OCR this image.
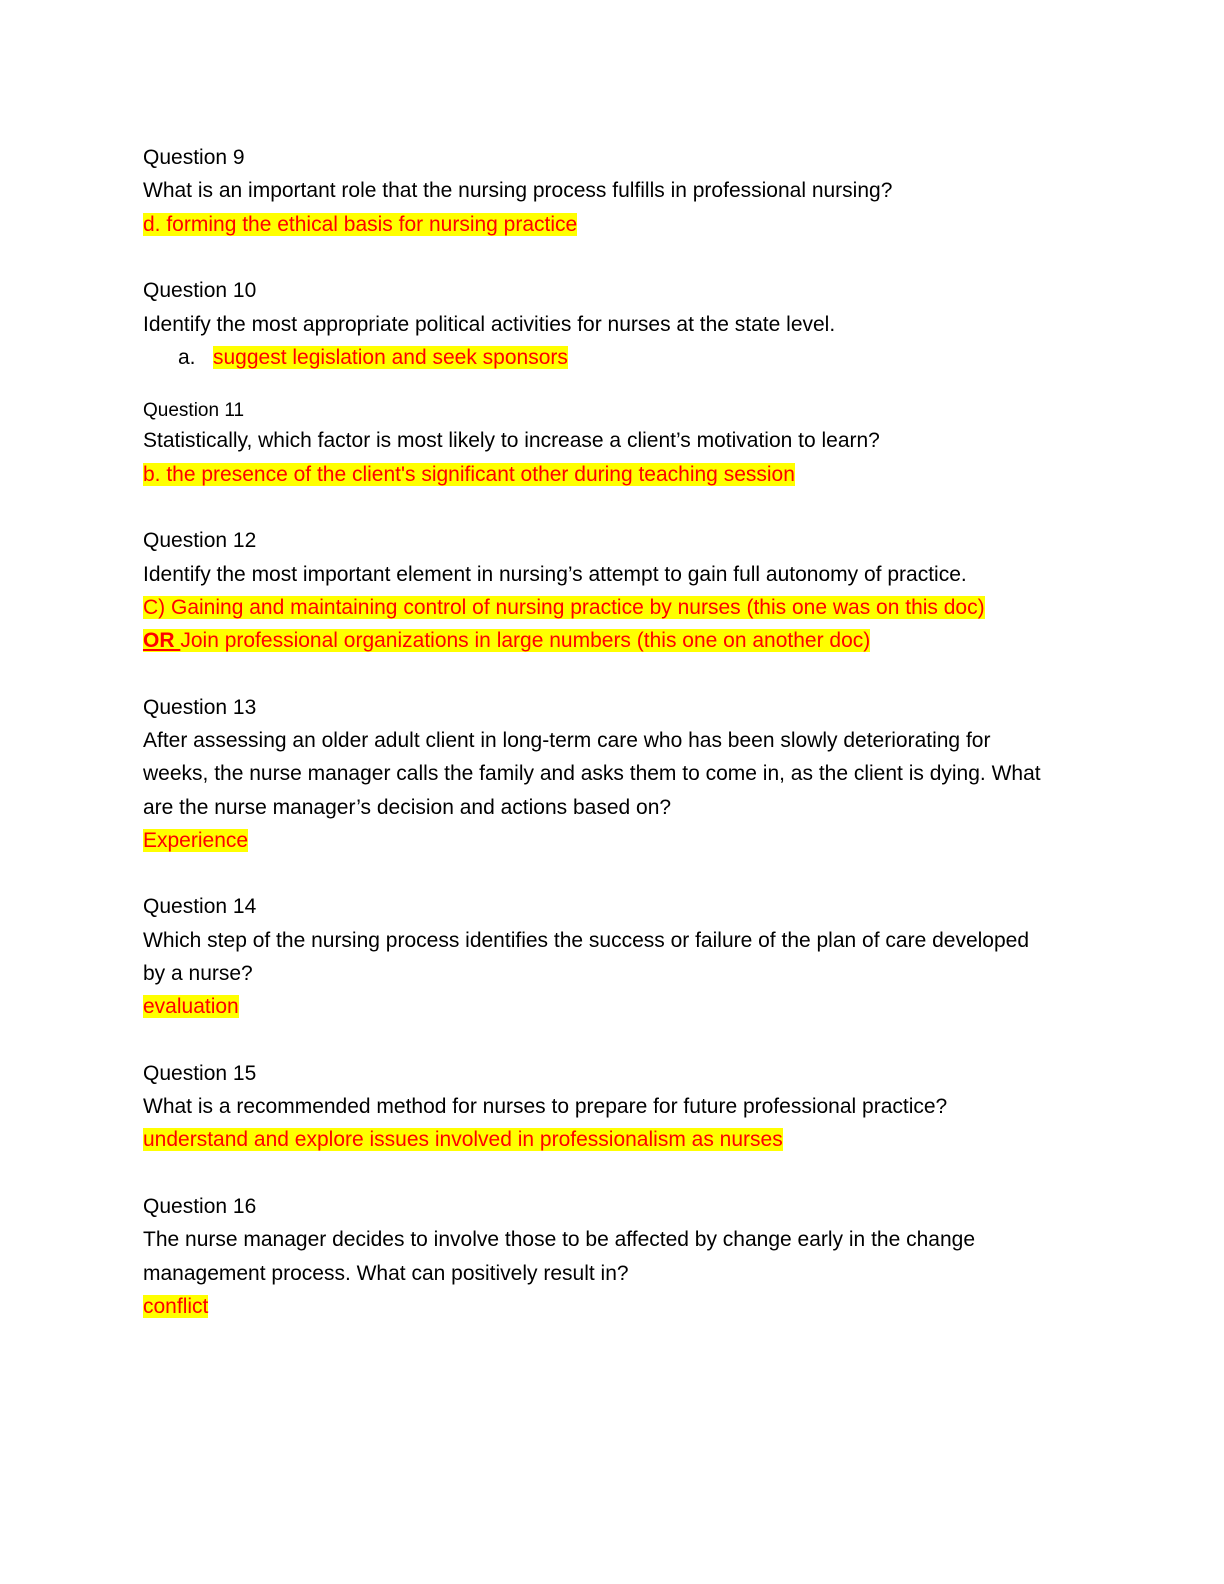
Question 9
What is an important role that the nursing process fulfills in professional nursing?
d. forming the ethical basis for nursing practice
Question 10
Identify the most appropriate political activities for nurses at the state level.
a. suggest legislation and seek sponsors
Question 11
Statistically, which factor is most likely to increase a client’s motivation to learn?
b. the presence of the client's significant other during teaching session
Question 12
Identify the most important element in nursing’s attempt to gain full autonomy of practice.
C) Gaining and maintaining control of nursing practice by nurses (this one was on this doc)
OR Join professional organizations in large numbers (this one on another doc)
Question 13
After assessing an older adult client in long-term care who has been slowly deteriorating for
weeks, the nurse manager calls the family and asks them to come in, as the client is dying. What
are the nurse manager’s decision and actions based on?
Experience
Question 14
Which step of the nursing process identifies the success or failure of the plan of care developed
by a nurse?
evaluation
Question 15
What is a recommended method for nurses to prepare for future professional practice?
understand and explore issues involved in professionalism as nurses
Question 16
The nurse manager decides to involve those to be affected by change early in the change
management process. What can positively result in?
conflict
